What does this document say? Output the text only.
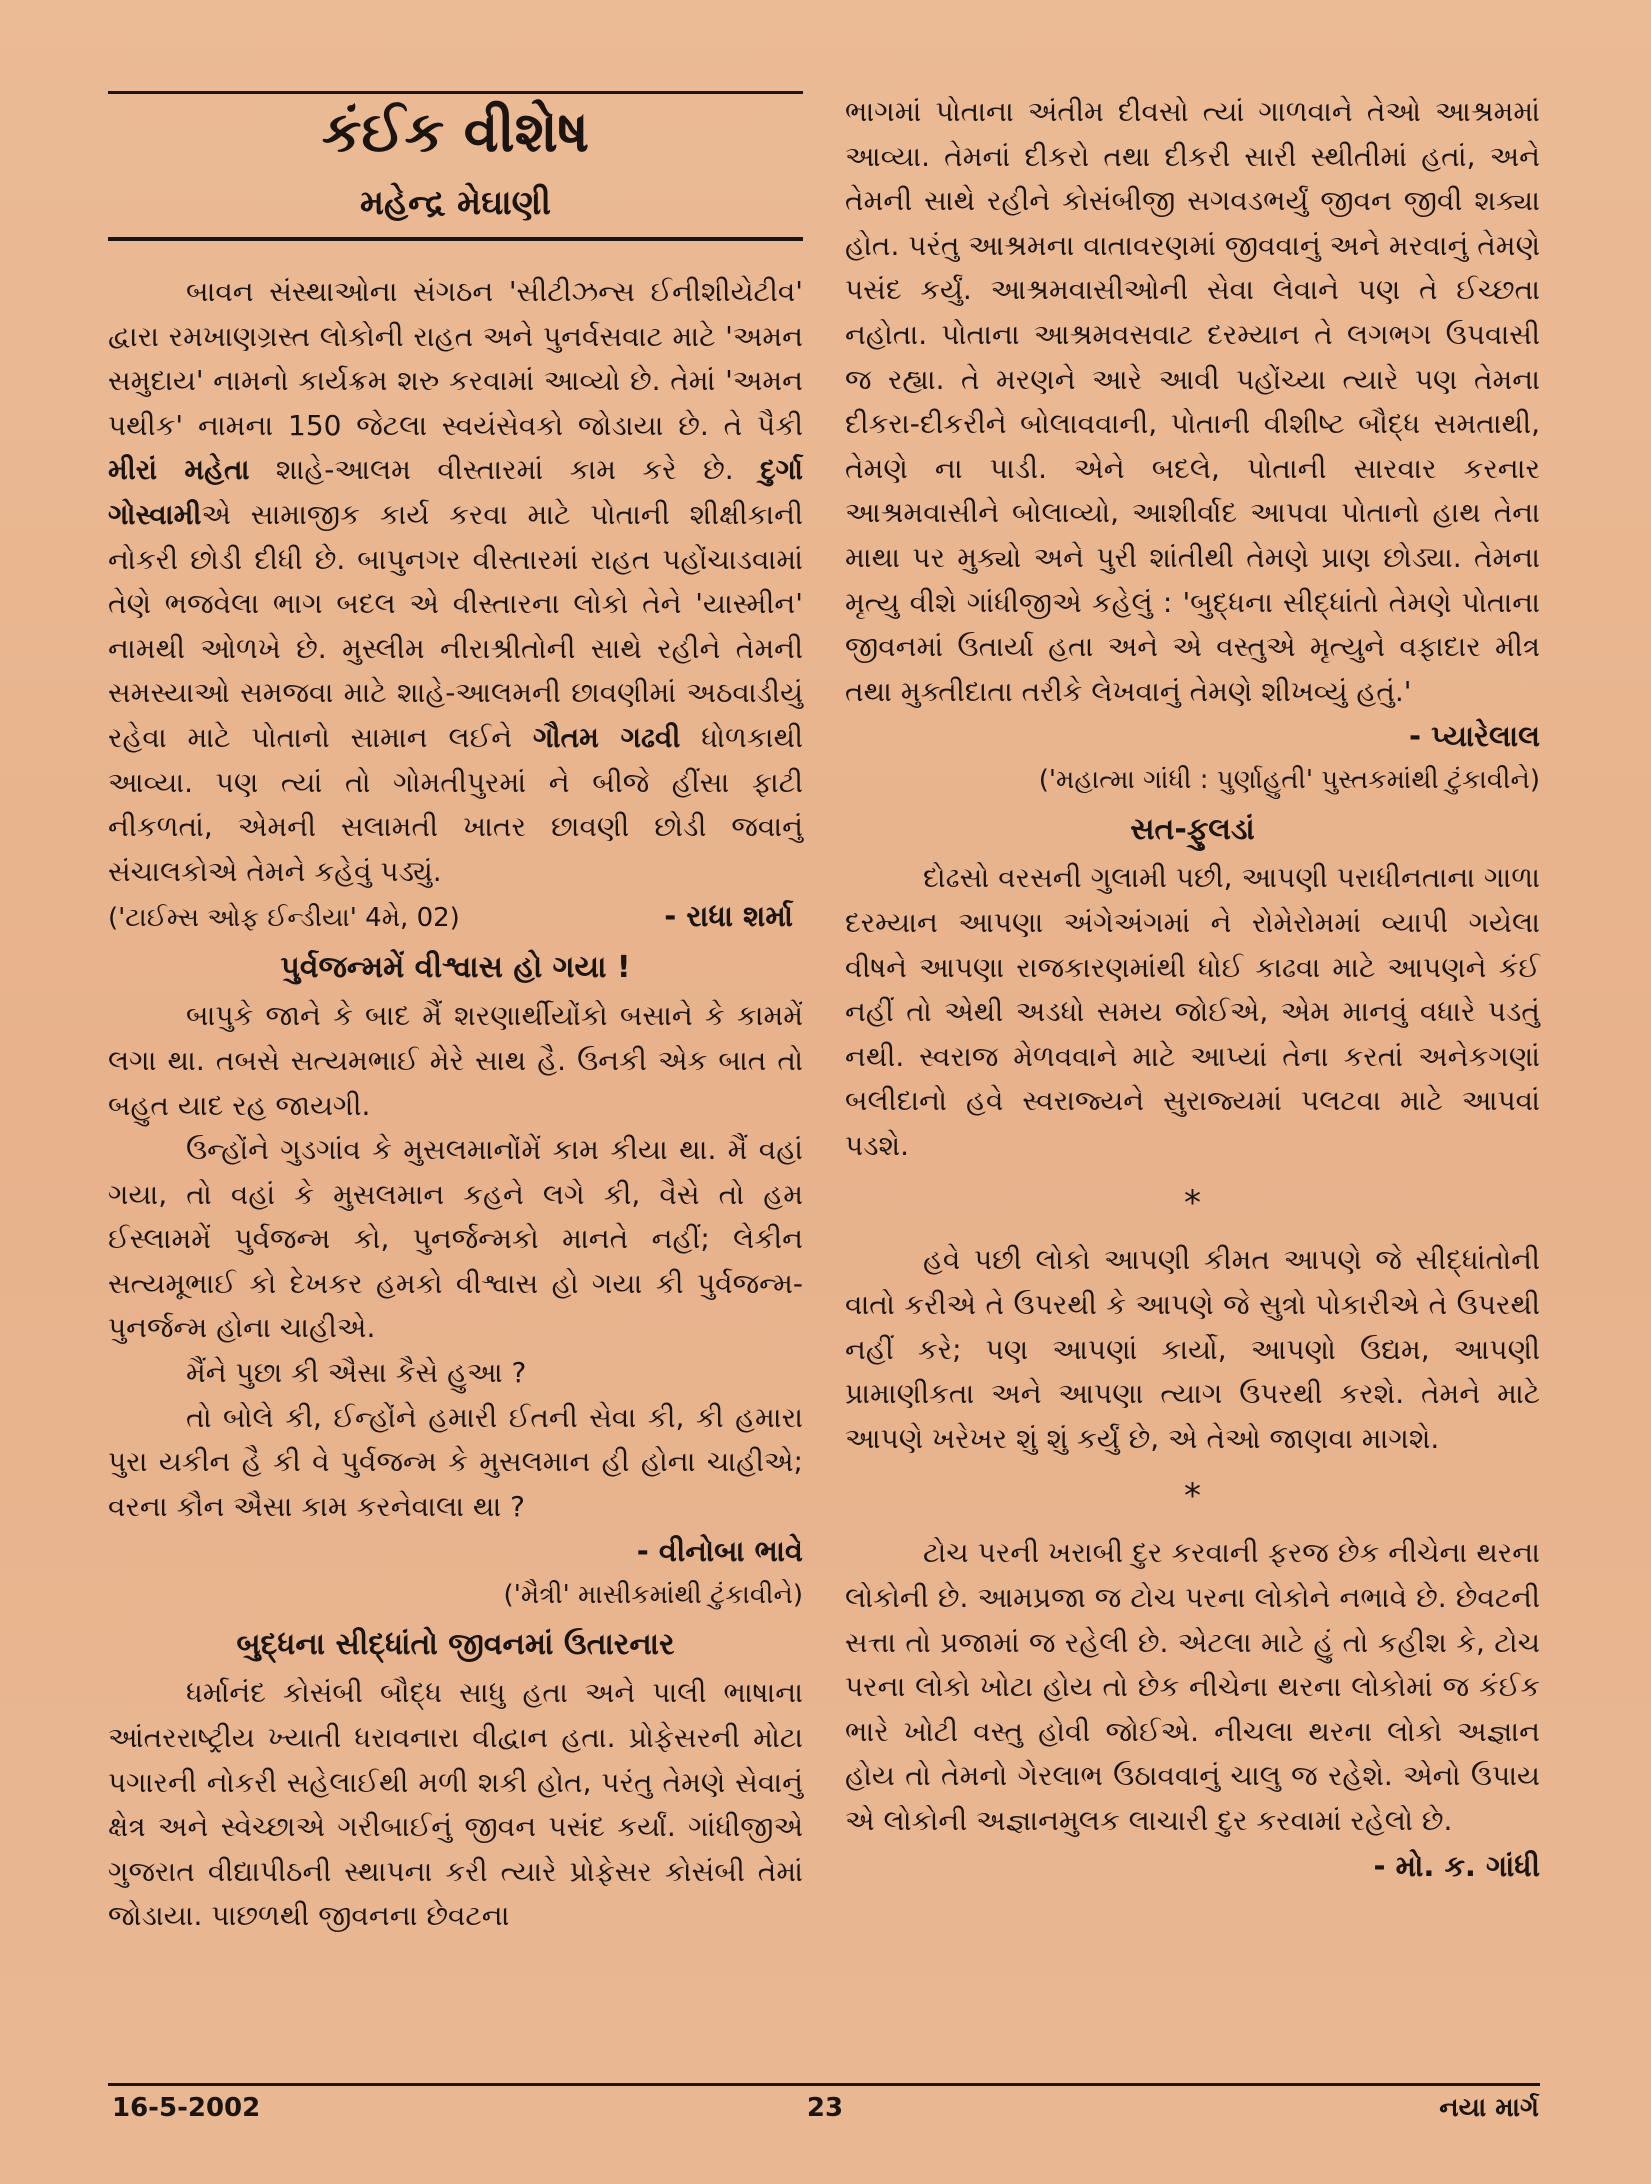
કંઈક વીશેષ
મહેન્દ્ર મેઘાણી

બાવન સંસ્થાઓના સંગઠન 'સીટીઝન્સ ઈનીશીયેટીવ' દ્વારા રમખાણગ્રસ્ત લોકોની રાહત અને પુનર્વસવાટ માટે 'અમન સમુદાય' નામનો કાર્યક્રમ શરુ કરવામાં આવ્યો છે. તેમાં 'અમન પથીક' નામના 150 જેટલા સ્વયંસેવકો જોડાયા છે. તે પૈકી મીરાં મહેતા શાહે-આલમ વીસ્તારમાં કામ કરે છે. દુર્ગા ગોસ્વામીએ સામાજીક કાર્ય કરવા માટે પોતાની શીક્ષીકાની નોકરી છોડી દીધી છે. બાપુનગર વીસ્તારમાં રાહત પહોંચાડવામાં તેણે ભજવેલા ભાગ બદલ એ વીસ્તારના લોકો તેને 'યાસ્મીન' નામથી ઓળખે છે. મુસ્લીમ નીરાશ્રીતોની સાથે રહીને તેમની સમસ્યાઓ સમજવા માટે શાહે-આલમની છાવણીમાં અઠવાડીયું રહેવા માટે પોતાનો સામાન લઈને ગૌતમ ગઢવી ધોળકાથી આવ્યા. પણ ત્યાં તો ગોમતીપુરમાં ને બીજે હીંસા ફાટી નીકળતાં, એમની સલામતી ખાતર છાવણી છોડી જવાનું સંચાલકોએ તેમને કહેવું પડ્યું.

('ટાઈમ્સ ઓફ ઈન્ડીયા' 4મે, 02)	- રાધા શર્મા
પુર્વજન્મમેં વીશ્વાસ હો ગયા !

બાપુકે જાને કે બાદ મૈં શરણાર્થીયોંકો બસાને કે કામમેં લગા થા. તબસે સત્યમભાઈ મેરે સાથ હૈ. ઉનકી એક બાત તો બહુત યાદ રહ જાયગી.

ઉન્હોંને ગુડગાંવ કે મુસલમાનોંમેં કામ કીયા થા. મૈં વહાં ગયા, તો વહાં કે મુસલમાન કહને લગે કી, વૈસે તો હમ ઈસ્લામમેં પુર્વજન્મ કો, પુનર્જન્મકો માનતે નહીં; લેકીન સત્યમૂભાઈ કો દેખકર હમકો વીશ્વાસ હો ગયા કી પુર્વજન્મ-પુનર્જન્મ હોના ચાહીએ.

મૈંને પુછા કી ઐસા કૈસે હુઆ ?

તો બોલે કી, ઈન્હોંને હમારી ઈતની સેવા કી, કી હમારા પુરા યકીન હૈ કી વે પુર્વજન્મ કે મુસલમાન હી હોના ચાહીએ; વરના કૌન ઐસા કામ કરનેવાલા થા ?

- વીનોબા ભાવે

('મૈત્રી' માસીકમાંથી ટુંકાવીને)

બુદ્ધના સીદ્ધાંતો જીવનમાં ઉતારનાર

ધર્માનંદ કોસંબી બૌદ્ધ સાધુ હતા અને પાલી ભાષાના આંતરરાષ્ટ્રીય ખ્યાતી ધરાવનારા વીદ્વાન હતા. પ્રોફેસરની મોટા પગારની નોકરી સહેલાઈથી મળી શકી હોત, પરંતુ તેમણે સેવાનું ક્ષેત્ર અને સ્વેચ્છાએ ગરીબાઈનું જીવન પસંદ કર્યાં. ગાંધીજીએ ગુજરાત વીદ્યાપીઠની સ્થાપના કરી ત્યારે પ્રોફેસર કોસંબી તેમાં જોડાયા. પાછળથી જીવનના છેવટના

ભાગમાં પોતાના અંતીમ દીવસો ત્યાં ગાળવાને તેઓ આશ્રમમાં આવ્યા. તેમનાં દીકરો તથા દીકરી સારી સ્થીતીમાં હતાં, અને તેમની સાથે રહીને કોસંબીજી સગવડભર્યું જીવન જીવી શક્યા હોત. પરંતુ આશ્રમના વાતાવરણમાં જીવવાનું અને મરવાનું તેમણે પસંદ કર્યું. આશ્રમવાસીઓની સેવા લેવાને પણ તે ઈચ્છતા નહોતા. પોતાના આશ્રમવસવાટ દરમ્યાન તે લગભગ ઉપવાસી જ રહ્યા. તે મરણને આરે આવી પહોંચ્યા ત્યારે પણ તેમના દીકરા-દીકરીને બોલાવવાની, પોતાની વીશીષ્ટ બૌદ્ધ સમતાથી, તેમણે ના પાડી. એને બદલે, પોતાની સારવાર કરનાર આશ્રમવાસીને બોલાવ્યો, આશીર્વાદ આપવા પોતાનો હાથ તેના માથા પર મુક્યો અને પુરી શાંતીથી તેમણે પ્રાણ છોડ્યા. તેમના મૃત્યુ વીશે ગાંધીજીએ કહેલું : 'બુદ્ધના સીદ્ધાંતો તેમણે પોતાના જીવનમાં ઉતાર્યા હતા અને એ વસ્તુએ મૃત્યુને વફાદાર મીત્ર તથા મુક્તીદાતા તરીકે લેખવાનું તેમણે શીખવ્યું હતું.'

- પ્યારેલાલ

('મહાત્મા ગાંધી : પુર્ણાહુતી' પુસ્તકમાંથી ટુંકાવીને)

સત-ફુલડાં

દોઢસો વરસની ગુલામી પછી, આપણી પરાધીનતાના ગાળા દરમ્યાન આપણા અંગેઅંગમાં ને રોમેરોમમાં વ્યાપી ગયેલા વીષને આપણા રાજકારણમાંથી ધોઈ કાઢવા માટે આપણને કંઈ નહીં તો એથી અડધો સમય જોઈએ, એમ માનવું વધારે પડતું નથી. સ્વરાજ મેળવવાને માટે આપ્યાં તેના કરતાં અનેકગણાં બલીદાનો હવે સ્વરાજ્યને સુરાજ્યમાં પલટવા માટે આપવાં પડશે.

*

હવે પછી લોકો આપણી કીમત આપણે જે સીદ્ધાંતોની વાતો કરીએ તે ઉપરથી કે આપણે જે સુત્રો પોકારીએ તે ઉપરથી નહીં કરે; પણ આપણાં કાર્યો, આપણો ઉદ્યમ, આપણી પ્રામાણીકતા અને આપણા ત્યાગ ઉપરથી કરશે. તેમને માટે આપણે ખરેખર શું શું કર્યું છે, એ તેઓ જાણવા માગશે.

*

ટોચ પરની ખરાબી દુર કરવાની ફરજ છેક નીચેના થરના લોકોની છે. આમપ્રજા જ ટોચ પરના લોકોને નભાવે છે. છેવટની સત્તા તો પ્રજામાં જ રહેલી છે. એટલા માટે હું તો કહીશ કે, ટોચ પરના લોકો ખોટા હોય તો છેક નીચેના થરના લોકોમાં જ કંઈક ભારે ખોટી વસ્તુ હોવી જોઈએ. નીચલા થરના લોકો અજ્ઞાન હોય તો તેમનો ગેરલાભ ઉઠાવવાનું ચાલુ જ રહેશે. એનો ઉપાય એ લોકોની અજ્ઞાનમુલક લાચારી દુર કરવામાં રહેલો છે.

- મો. ક. ગાંધી

16-5-2002	23	નયા માર્ગ
